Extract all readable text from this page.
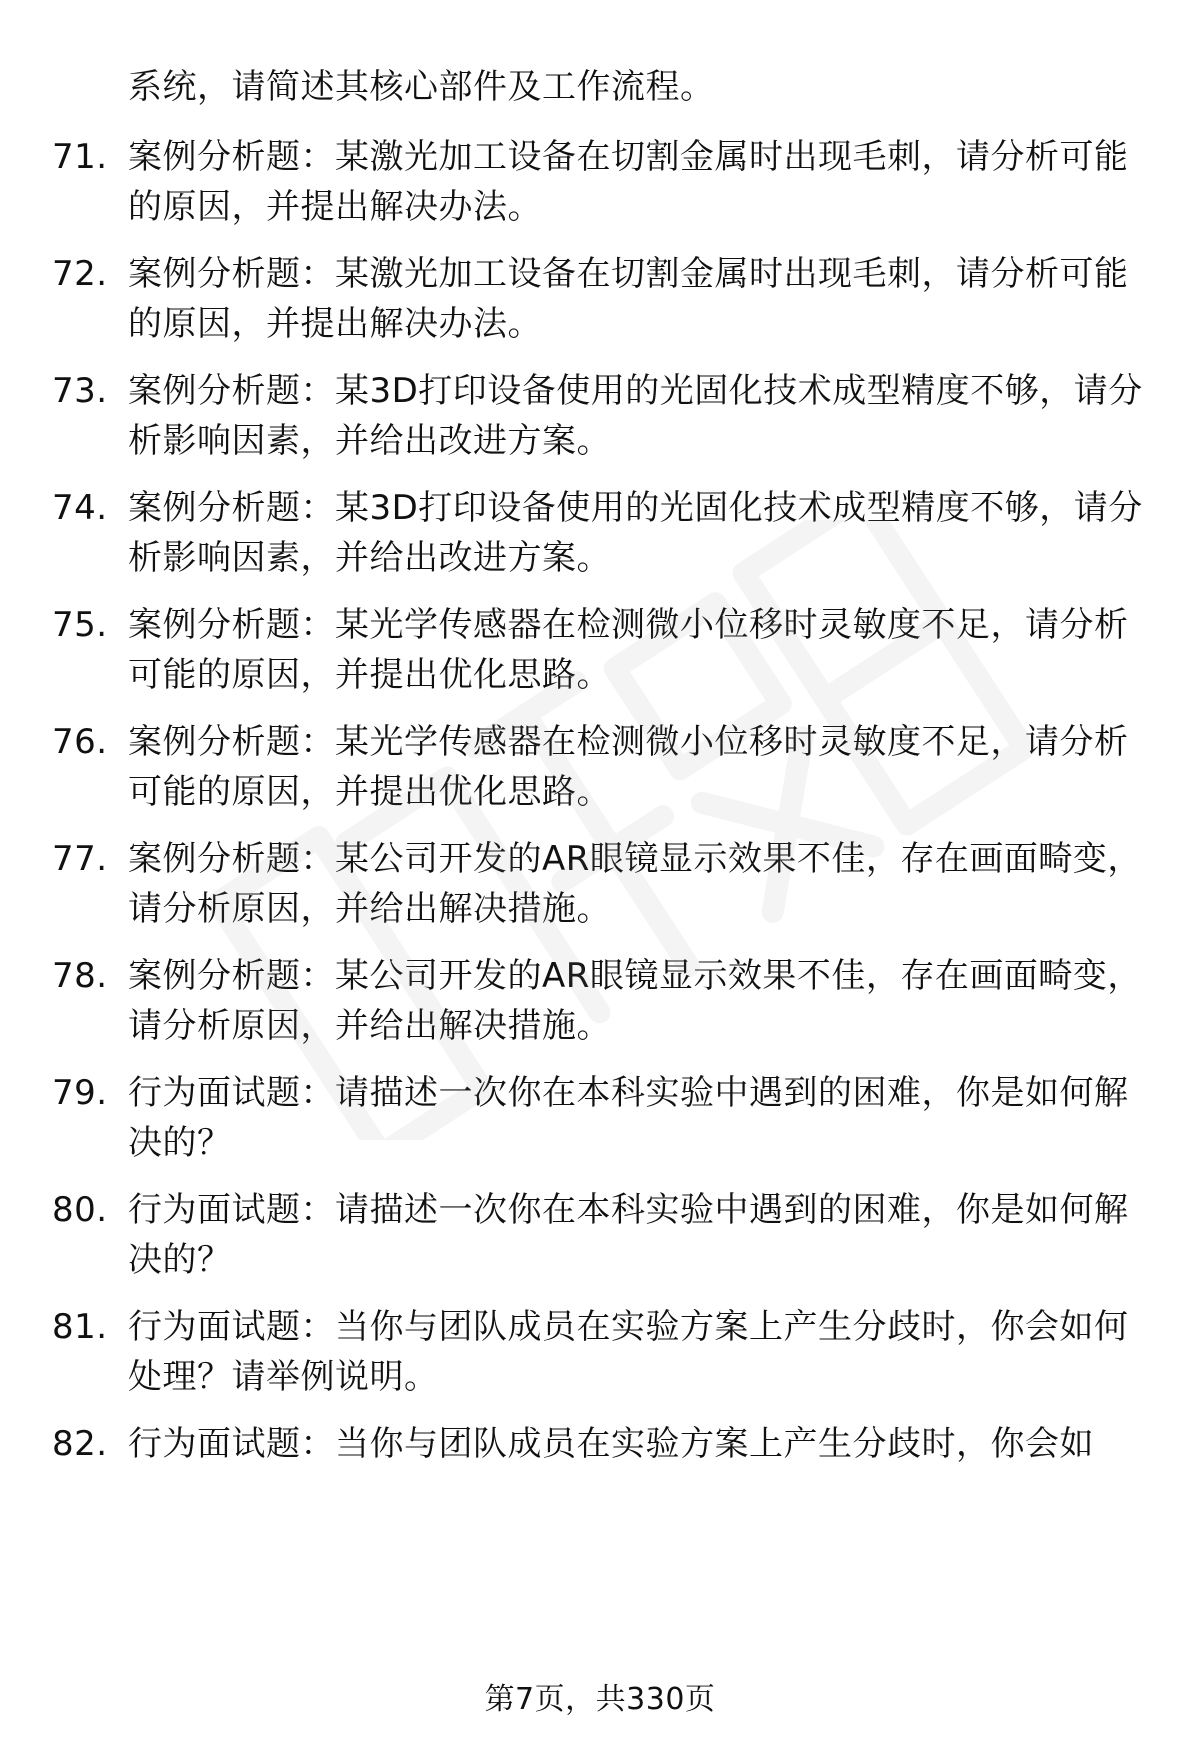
系统，请简述其核心部件及工作流程。
71. 案例分析题：某激光加工设备在切割金属时出现毛刺，请分析可能的原因，并提出解决办法。
72. 案例分析题：某激光加工设备在切割金属时出现毛刺，请分析可能的原因，并提出解决办法。
73. 案例分析题：某3D打印设备使用的光固化技术成型精度不够，请分析影响因素，并给出改进方案。
74. 案例分析题：某3D打印设备使用的光固化技术成型精度不够，请分析影响因素，并给出改进方案。
75. 案例分析题：某光学传感器在检测微小位移时灵敏度不足，请分析可能的原因，并提出优化思路。
76. 案例分析题：某光学传感器在检测微小位移时灵敏度不足，请分析可能的原因，并提出优化思路。
77. 案例分析题：某公司开发的AR眼镜显示效果不佳，存在画面畸变，请分析原因，并给出解决措施。
78. 案例分析题：某公司开发的AR眼镜显示效果不佳，存在画面畸变，请分析原因，并给出解决措施。
79. 行为面试题：请描述一次你在本科实验中遇到的困难，你是如何解决的？
80. 行为面试题：请描述一次你在本科实验中遇到的困难，你是如何解决的？
81. 行为面试题：当你与团队成员在实验方案上产生分歧时，你会如何处理？请举例说明。
82. 行为面试题：当你与团队成员在实验方案上产生分歧时，你会如
第7页，共330页
